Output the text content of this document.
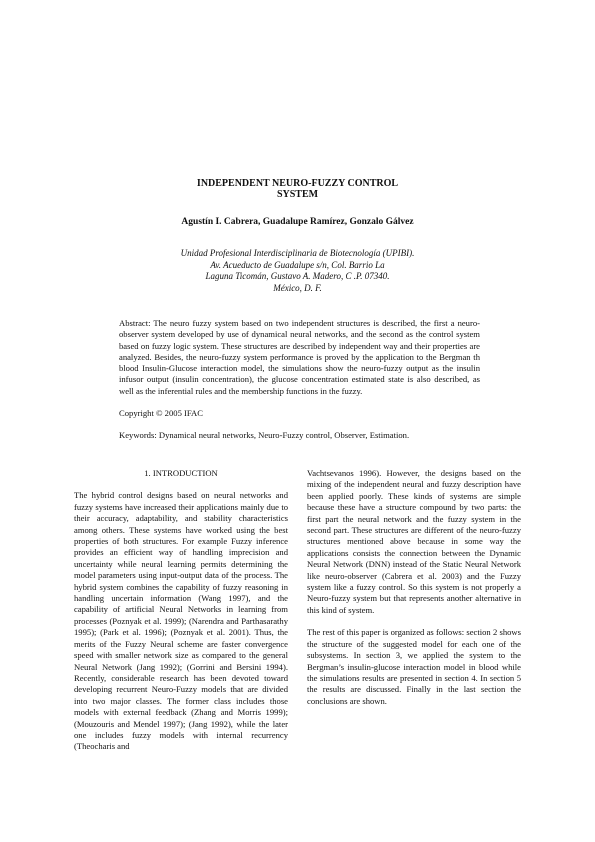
INDEPENDENT NEURO-FUZZY CONTROL
SYSTEM
Agustín I. Cabrera, Guadalupe Ramírez, Gonzalo Gálvez
Unidad Profesional Interdisciplinaria de Biotecnología (UPIBI).
Av. Acueducto de Guadalupe s/n, Col. Barrio La
Laguna Ticomán, Gustavo A. Madero, C .P. 07340.
México, D. F.
Abstract: The neuro fuzzy system based on two independent structures is described, the first a neuro-observer system developed by use of dynamical neural networks, and the second as the control system based on fuzzy logic system. These structures are described by independent way and their properties are analyzed. Besides, the neuro-fuzzy system performance is proved by the application to the Bergman th blood Insulin-Glucose interaction model, the simulations show the neuro-fuzzy output as the insulin infusor output (insulin concentration), the glucose concentration estimated state is also described, as well as the inferential rules and the membership functions in the fuzzy.
Copyright © 2005 IFAC
Keywords: Dynamical neural networks, Neuro-Fuzzy control, Observer, Estimation.

1. INTRODUCTION

The hybrid control designs based on neural networks and fuzzy systems have increased their applications mainly due to their accuracy, adaptability, and stability characteristics among others. These systems have worked using the best properties of both structures. For example Fuzzy inference provides an efficient way of handling imprecision and uncertainty while neural learning permits determining the model parameters using input-output data of the process. The hybrid system combines the capability of fuzzy reasoning in handling uncertain information (Wang 1997), and the capability of artificial Neural Networks in learning from processes (Poznyak et al. 1999); (Narendra and Parthasarathy 1995); (Park et al. 1996); (Poznyak et al. 2001). Thus, the merits of the Fuzzy Neural scheme are faster convergence speed with smaller network size as compared to the general Neural Network (Jang 1992); (Gorrini and Bersini 1994). Recently, considerable research has been devoted toward developing recurrent Neuro-Fuzzy models that are divided into two major classes. The former class includes those models with external feedback (Zhang and Morris 1999); (Mouzouris and Mendel 1997); (Jang 1992), while the later one includes fuzzy models with internal recurrency (Theocharis and

Vachtsevanos 1996). However, the designs based on the mixing of the independent neural and fuzzy description have been applied poorly. These kinds of systems are simple because these have a structure compound by two parts: the first part the neural network and the fuzzy system in the second part. These structures are different of the neuro-fuzzy structures mentioned above because in some way the applications consists the connection between the Dynamic Neural Network (DNN) instead of the Static Neural Network like neuro-observer (Cabrera et al. 2003) and the Fuzzy system like a fuzzy control. So this system is not properly a Neuro-fuzzy system but that represents another alternative in this kind of system.

The rest of this paper is organized as follows: section 2 shows the structure of the suggested model for each one of the subsystems. In section 3, we applied the system to the Bergman’s insulin-glucose interaction model in blood while the simulations results are presented in section 4. In section 5 the results are discussed. Finally in the last section the conclusions are shown.
